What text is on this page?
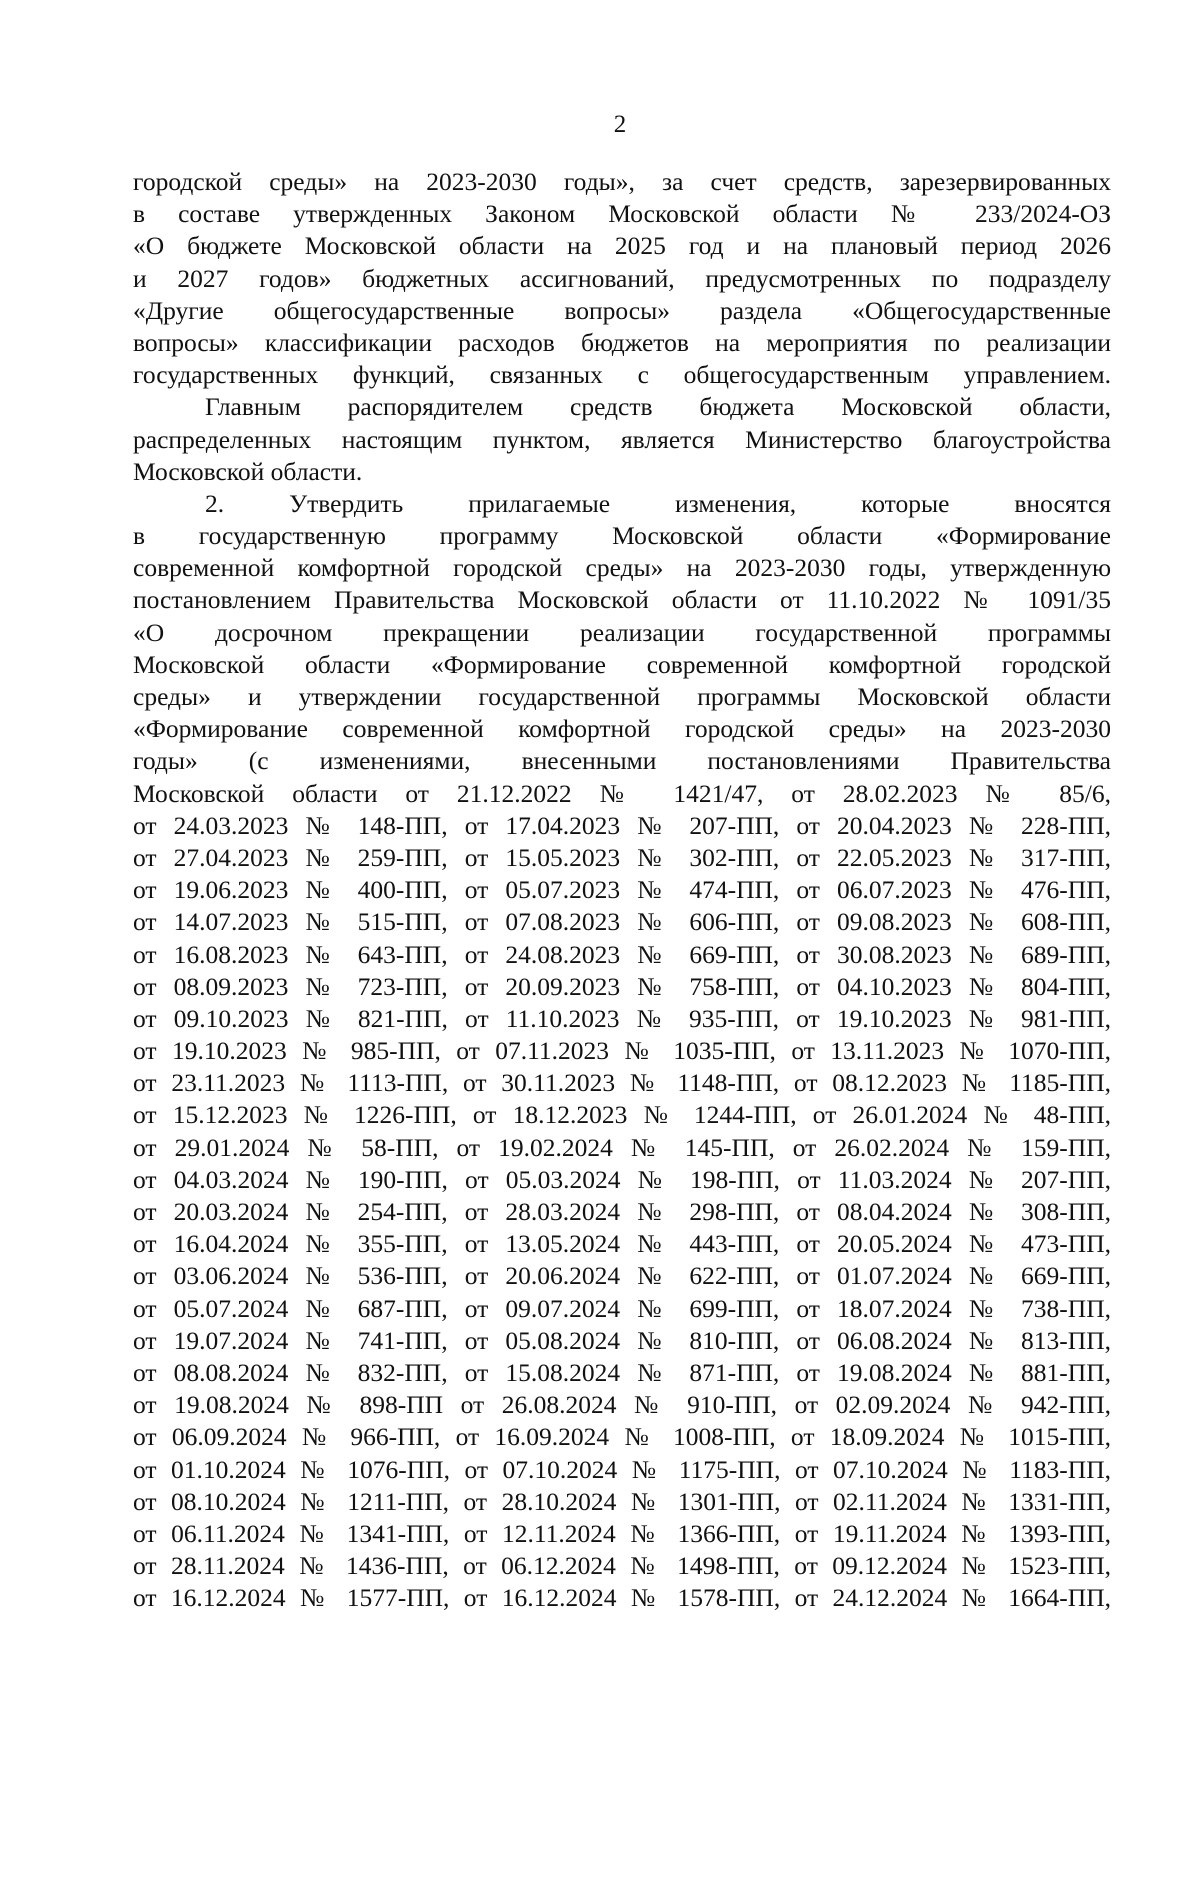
2
городской среды» на 2023-2030 годы», за счет средств, зарезервированных
в составе утвержденных Законом Московской области № 233/2024-ОЗ
«О бюджете Московской области на 2025 год и на плановый период 2026
и 2027 годов» бюджетных ассигнований, предусмотренных по подразделу
«Другие общегосударственные вопросы» раздела «Общегосударственные
вопросы» классификации расходов бюджетов на мероприятия по реализации
государственных функций, связанных с общегосударственным управлением.
Главным распорядителем средств бюджета Московской области,
распределенных настоящим пунктом, является Министерство благоустройства
Московской области.
2. Утвердить прилагаемые изменения, которые вносятся
в государственную программу Московской области «Формирование
современной комфортной городской среды» на 2023-2030 годы, утвержденную
постановлением Правительства Московской области от 11.10.2022 № 1091/35
«О досрочном прекращении реализации государственной программы
Московской области «Формирование современной комфортной городской
среды» и утверждении государственной программы Московской области
«Формирование современной комфортной городской среды» на 2023-2030
годы» (с изменениями, внесенными постановлениями Правительства
Московской области от 21.12.2022 № 1421/47, от 28.02.2023 № 85/6,
от 24.03.2023 № 148-ПП, от 17.04.2023 № 207-ПП, от 20.04.2023 № 228-ПП,
от 27.04.2023 № 259-ПП, от 15.05.2023 № 302-ПП, от 22.05.2023 № 317-ПП,
от 19.06.2023 № 400-ПП, от 05.07.2023 № 474-ПП, от 06.07.2023 № 476-ПП,
от 14.07.2023 № 515-ПП, от 07.08.2023 № 606-ПП, от 09.08.2023 № 608-ПП,
от 16.08.2023 № 643-ПП, от 24.08.2023 № 669-ПП, от 30.08.2023 № 689-ПП,
от 08.09.2023 № 723-ПП, от 20.09.2023 № 758-ПП, от 04.10.2023 № 804-ПП,
от 09.10.2023 № 821-ПП, от 11.10.2023 № 935-ПП, от 19.10.2023 № 981-ПП,
от 19.10.2023 № 985-ПП, от 07.11.2023 № 1035-ПП, от 13.11.2023 № 1070-ПП,
от 23.11.2023 № 1113-ПП, от 30.11.2023 № 1148-ПП, от 08.12.2023 № 1185-ПП,
от 15.12.2023 № 1226-ПП, от 18.12.2023 № 1244-ПП, от 26.01.2024 № 48-ПП,
от 29.01.2024 № 58-ПП, от 19.02.2024 № 145-ПП, от 26.02.2024 № 159-ПП,
от 04.03.2024 № 190-ПП, от 05.03.2024 № 198-ПП, от 11.03.2024 № 207-ПП,
от 20.03.2024 № 254-ПП, от 28.03.2024 № 298-ПП, от 08.04.2024 № 308-ПП,
от 16.04.2024 № 355-ПП, от 13.05.2024 № 443-ПП, от 20.05.2024 № 473-ПП,
от 03.06.2024 № 536-ПП, от 20.06.2024 № 622-ПП, от 01.07.2024 № 669-ПП,
от 05.07.2024 № 687-ПП, от 09.07.2024 № 699-ПП, от 18.07.2024 № 738-ПП,
от 19.07.2024 № 741-ПП, от 05.08.2024 № 810-ПП, от 06.08.2024 № 813-ПП,
от 08.08.2024 № 832-ПП, от 15.08.2024 № 871-ПП, от 19.08.2024 № 881-ПП,
от 19.08.2024 № 898-ПП от 26.08.2024 № 910-ПП, от 02.09.2024 № 942-ПП,
от 06.09.2024 № 966-ПП, от 16.09.2024 № 1008-ПП, от 18.09.2024 № 1015-ПП,
от 01.10.2024 № 1076-ПП, от 07.10.2024 № 1175-ПП, от 07.10.2024 № 1183-ПП,
от 08.10.2024 № 1211-ПП, от 28.10.2024 № 1301-ПП, от 02.11.2024 № 1331-ПП,
от 06.11.2024 № 1341-ПП, от 12.11.2024 № 1366-ПП, от 19.11.2024 № 1393-ПП,
от 28.11.2024 № 1436-ПП, от 06.12.2024 № 1498-ПП, от 09.12.2024 № 1523-ПП,
от 16.12.2024 № 1577-ПП, от 16.12.2024 № 1578-ПП, от 24.12.2024 № 1664-ПП,
